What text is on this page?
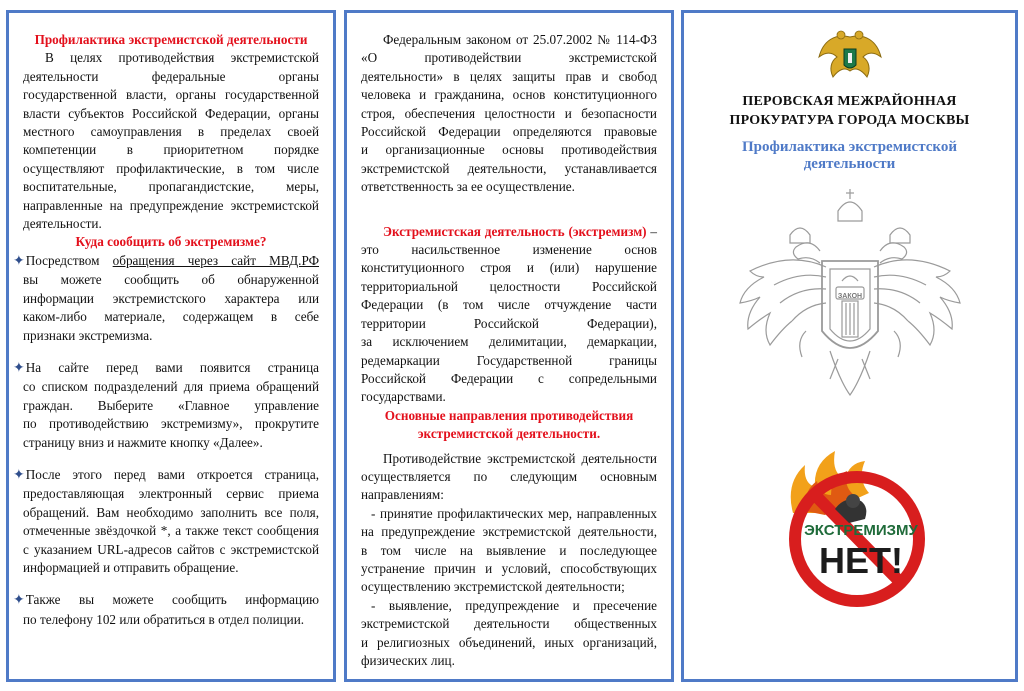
Профилактика экстремистской деятельности

В целях противодействия экстремистской

деятельности федеральные органы

государственной власти, органы государственной

власти субъектов Российской Федерации, органы

местного самоуправления в пределах своей

компетенции в приоритетном порядке

осуществляют профилактические, в том числе

воспитательные, пропагандистские, меры,

направленные на предупреждение экстремистской

деятельности.

Куда сообщить об экстремизме?

✦Посредством обращения через сайт МВД.РФ

вы можете сообщить об обнаруженной

информации экстремистского характера или

каком-либо материале, содержащем в себе

признаки экстремизма.

✦На сайте перед вами появится страница

со списком подразделений для приема обращений

граждан. Выберите «Главное управление

по противодействию экстремизму», прокрутите

страницу вниз и нажмите кнопку «Далее».

✦После этого перед вами откроется страница,

предоставляющая электронный сервис приема

обращений. Вам необходимо заполнить все поля,

отмеченные звёздочкой *, а также текст сообщения

с указанием URL-адресов сайтов с экстремистской

информацией и отправить обращение.

✦Также вы можете сообщить информацию

по телефону 102 или обратиться в отдел полиции.

Федеральным законом от 25.07.2002 № 114-ФЗ

«О противодействии экстремистской

деятельности» в целях защиты прав и свобод

человека и гражданина, основ конституционного

строя, обеспечения целостности и безопасности

Российской Федерации определяются правовые

и организационные основы противодействия

экстремистской деятельности, устанавливается

ответственность за ее осуществление.

Экстремистская деятельность (экстремизм) –

это насильственное изменение основ

конституционного строя и (или) нарушение

территориальной целостности Российской

Федерации (в том числе отчуждение части

территории Российской Федерации),

за исключением делимитации, демаркации,

редемаркации Государственной границы

Российской Федерации с сопредельными

государствами.

Основные направления противодействия

экстремистской деятельности.

Противодействие экстремистской деятельности

осуществляется по следующим основным

направлениям:

- принятие профилактических мер, направленных

на предупреждение экстремистской деятельности,

в том числе на выявление и последующее

устранение причин и условий, способствующих

осуществлению экстремистской деятельности;

- выявление, предупреждение и пресечение

экстремистской деятельности общественных

и религиозных объединений, иных организаций,

физических лиц.

ПЕРОВСКАЯ МЕЖРАЙОННАЯ

ПРОКУРАТУРА ГОРОДА МОСКВЫ

Профилактика экстремистской

деятельности

ЗАКОН
ЭКСТРЕМИЗМУ
НЕТ!
